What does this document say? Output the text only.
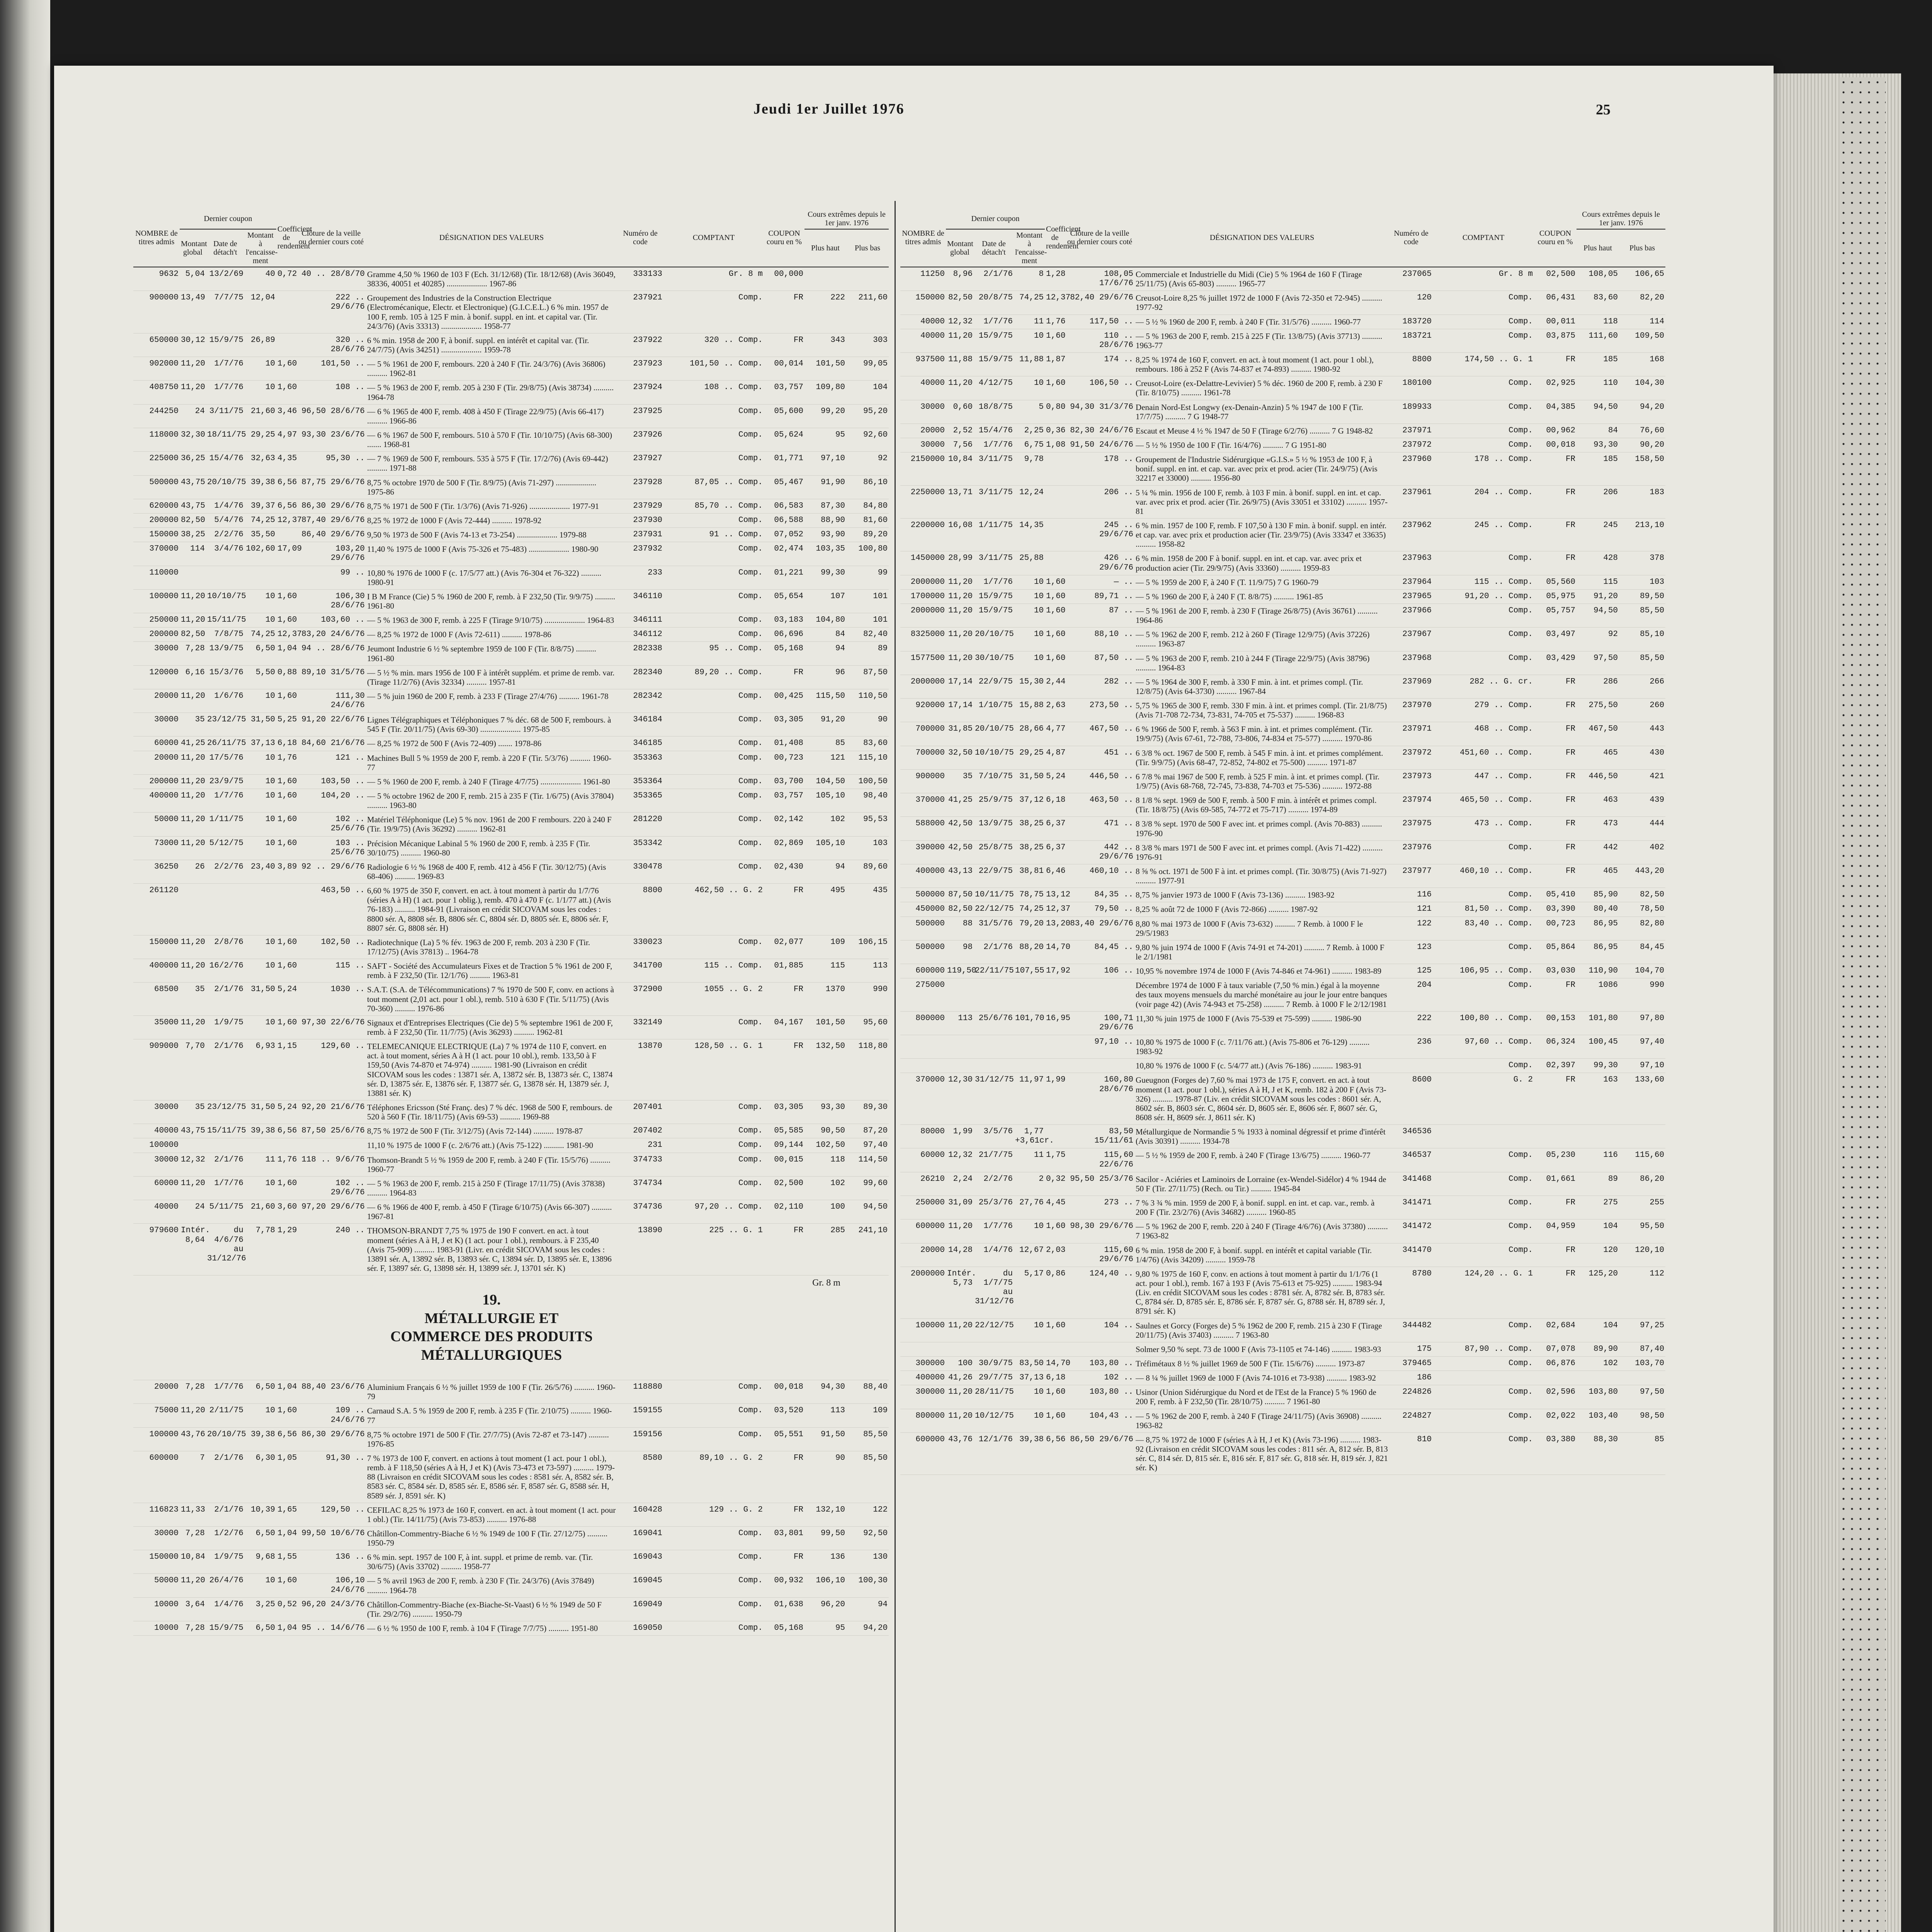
Jeudi 1er Juillet 1976	25
NOMBRE de titres admis	Dernier coupon			Coefficient de rendement	Clôture de la veille ou dernier cours coté	DÉSIGNATION DES VALEURS	Numéro de code	COMPTANT	COUPON couru en %	Cours extrêmes depuis le 1er janv. 1976	
	Montant global	Date de détach't	Montant à l'encaisse-ment							Plus haut	Plus bas
9632	5,04	13/2/69	40	0,72	40 .. 28/8/70	Gramme 4,50 % 1960 de 103 F (Ech. 31/12/68) (Tir. 18/12/68) (Avis 36049, 38336, 40051 et 40285) .................... 1967-86	333133	Gr. 8 m	00,000		
900000	13,49	7/7/75	12,04		222 .. 29/6/76	Groupement des Industries de la Construction Electrique (Electromécanique, Electr. et Electronique) (G.I.C.E.L.) 6 % min. 1957 de 100 F, remb. 105 à 125 F min. à bonif. suppl. en int. et capital var. (Tir. 24/3/76) (Avis 33313) .................... 1958-77	237921	Comp.	FR	222	211,60
650000	30,12	15/9/75	26,89		320 .. 28/6/76	6 % min. 1958 de 200 F, à bonif. suppl. en intérêt et capital var. (Tir. 24/7/75) (Avis 34251) .................... 1959-78	237922	320 .. Comp.	FR	343	303
902000	11,20	1/7/76	10	1,60	101,50 ..	— 5 % 1961 de 200 F, rembours. 220 à 240 F (Tir. 24/3/76) (Avis 36806) .......... 1962-81	237923	101,50 .. Comp.	00,014	101,50	99,05
408750	11,20	1/7/76	10	1,60	108 ..	— 5 % 1963 de 200 F, remb. 205 à 230 F (Tir. 29/8/75) (Avis 38734) .......... 1964-78	237924	108 .. Comp.	03,757	109,80	104
244250	24	3/11/75	21,60	3,46	96,50 28/6/76	— 6 % 1965 de 400 F, remb. 408 à 450 F (Tirage 22/9/75) (Avis 66-417) .......... 1966-86	237925	Comp.	05,600	99,20	95,20
118000	32,30	18/11/75	29,25	4,97	93,30 23/6/76	— 6 % 1967 de 500 F, rembours. 510 à 570 F (Tir. 10/10/75) (Avis 68-300) ....... 1968-81	237926	Comp.	05,624	95	92,60
225000	36,25	15/4/76	32,63	4,35	95,30 ..	— 7 % 1969 de 500 F, rembours. 535 à 575 F (Tir. 17/2/76) (Avis 69-442) .......... 1971-88	237927	Comp.	01,771	97,10	92
500000	43,75	20/10/75	39,38	6,56	87,75 29/6/76	8,75 % octobre 1970 de 500 F (Tir. 8/9/75) (Avis 71-297) .................... 1975-86	237928	87,05 .. Comp.	05,467	91,90	86,10
620000	43,75	1/4/76	39,37	6,56	86,30 29/6/76	8,75 % 1971 de 500 F (Tir. 1/3/76) (Avis 71-926) .................... 1977-91	237929	85,70 .. Comp.	06,583	87,30	84,80
200000	82,50	5/4/76	74,25	12,37	87,40 29/6/76	8,25 % 1972 de 1000 F (Avis 72-444) .......... 1978-92	237930	Comp.	06,588	88,90	81,60
150000	38,25	2/2/76	35,50		86,40 29/6/76	9,50 % 1973 de 500 F (Avis 74-13 et 73-254) .................... 1979-88	237931	91 .. Comp.	07,052	93,90	89,20
370000	114	3/4/76	102,60	17,09	103,20 29/6/76	11,40 % 1975 de 1000 F (Avis 75-326 et 75-483) .................... 1980-90	237932	Comp.	02,474	103,35	100,80
110000					99 ..	10,80 % 1976 de 1000 F (c. 17/5/77 att.) (Avis 76-304 et 76-322) .......... 1980-91	233	Comp.	01,221	99,30	99
100000	11,20	10/10/75	10	1,60	106,30 28/6/76	I B M France (Cie) 5 % 1960 de 200 F, remb. à F 232,50 (Tir. 9/9/75) .......... 1961-80	346110	Comp.	05,654	107	101
250000	11,20	15/11/75	10	1,60	103,60 ..	— 5 % 1963 de 300 F, remb. à 225 F (Tirage 9/10/75) .................... 1964-83	346111	Comp.	03,183	104,80	101
200000	82,50	7/8/75	74,25	12,37	83,20 24/6/76	— 8,25 % 1972 de 1000 F (Avis 72-611) .......... 1978-86	346112	Comp.	06,696	84	82,40
30000	7,28	13/9/75	6,50	1,04	94 .. 28/6/76	Jeumont Industrie 6 ½ % septembre 1959 de 100 F (Tir. 8/8/75) .......... 1961-80	282338	95 .. Comp.	05,168	94	89
120000	6,16	15/3/76	5,50	0,88	89,10 31/5/76	— 5 ½ % min. mars 1956 de 100 F à intérêt supplém. et prime de remb. var. (Tirage 11/2/76) (Avis 32334) .......... 1957-81	282340	89,20 .. Comp.	FR	96	87,50
20000	11,20	1/6/76	10	1,60	111,30 24/6/76	— 5 % juin 1960 de 200 F, remb. à 233 F (Tirage 27/4/76) .......... 1961-78	282342	Comp.	00,425	115,50	110,50
30000	35	23/12/75	31,50	5,25	91,20 22/6/76	Lignes Télégraphiques et Téléphoniques 7 % déc. 68 de 500 F, rembours. à 545 F (Tir. 20/11/75) (Avis 69-30) .................... 1975-85	346184	Comp.	03,305	91,20	90
60000	41,25	26/11/75	37,13	6,18	84,60 21/6/76	— 8,25 % 1972 de 500 F (Avis 72-409) ....... 1978-86	346185	Comp.	01,408	85	83,60
20000	11,20	17/5/76	10	1,76	121 ..	Machines Bull 5 % 1959 de 200 F, remb. à 220 F (Tir. 5/3/76) .......... 1960-77	353363	Comp.	00,723	121	115,10
200000	11,20	23/9/75	10	1,60	103,50 ..	— 5 % 1960 de 200 F, remb. à 240 F (Tirage 4/7/75) .................... 1961-80	353364	Comp.	03,700	104,50	100,50
400000	11,20	1/7/76	10	1,60	104,20 ..	— 5 % octobre 1962 de 200 F, remb. 215 à 235 F (Tir. 1/6/75) (Avis 37804) .......... 1963-80	353365	Comp.	03,757	105,10	98,40
50000	11,20	1/11/75	10	1,60	102 .. 25/6/76	Matériel Téléphonique (Le) 5 % nov. 1961 de 200 F rembours. 220 à 240 F (Tir. 19/9/75) (Avis 36292) .......... 1962-81	281220	Comp.	02,142	102	95,53
73000	11,20	5/12/75	10	1,60	103 .. 25/6/76	Précision Mécanique Labinal 5 % 1960 de 200 F, remb. à 235 F (Tir. 30/10/75) .......... 1960-80	353342	Comp.	02,869	105,10	103
36250	26	2/2/76	23,40	3,89	92 .. 29/6/76	Radiologie 6 ½ % 1968 de 400 F, remb. 412 à 456 F (Tir. 30/12/75) (Avis 68-406) .......... 1969-83	330478	Comp.	02,430	94	89,60
261120					463,50 ..	6,60 % 1975 de 350 F, convert. en act. à tout moment à partir du 1/7/76 (séries A à H) (1 act. pour 1 oblig.), remb. 470 à 470 F (c. 1/1/77 att.) (Avis 76-183) .......... 1984-91 (Livraison en crédit SICOVAM sous les codes : 8800 sér. A, 8808 sér. B, 8806 sér. C, 8804 sér. D, 8805 sér. E, 8806 sér. F, 8807 sér. G, 8808 sér. H)	8800	462,50 .. G. 2	FR	495	435
150000	11,20	2/8/76	10	1,60	102,50 ..	Radiotechnique (La) 5 % fév. 1963 de 200 F, remb. 203 à 230 F (Tir. 17/12/75) (Avis 37813) .. 1964-78	330023	Comp.	02,077	109	106,15
400000	11,20	16/2/76	10	1,60	115 ..	SAFT - Société des Accumulateurs Fixes et de Traction 5 % 1961 de 200 F, remb. à F 232,50 (Tir. 12/1/76) .......... 1963-81	341700	115 .. Comp.	01,885	115	113
68500	35	2/1/76	31,50	5,24	1030 ..	S.A.T. (S.A. de Télécommunications) 7 % 1970 de 500 F, conv. en actions à tout moment (2,01 act. pour 1 obl.), remb. 510 à 630 F (Tir. 5/11/75) (Avis 70-360) .......... 1976-86	372900	1055 .. G. 2	FR	1370	990
35000	11,20	1/9/75	10	1,60	97,30 22/6/76	Signaux et d'Entreprises Electriques (Cie de) 5 % septembre 1961 de 200 F, remb. à F 232,50 (Tir. 11/7/75) (Avis 36293) .......... 1962-81	332149	Comp.	04,167	101,50	95,60
909000	7,70	2/1/76	6,93	1,15	129,60 ..	TELEMECANIQUE ELECTRIQUE (La) 7 % 1974 de 110 F, convert. en act. à tout moment, séries A à H (1 act. pour 10 obl.), remb. 133,50 à F 159,50 (Avis 74-870 et 74-974) .......... 1981-90 (Livraison en crédit SICOVAM sous les codes : 13871 sér. A, 13872 sér. B, 13873 sér. C, 13874 sér. D, 13875 sér. E, 13876 sér. F, 13877 sér. G, 13878 sér. H, 13879 sér. J, 13881 sér. K)	13870	128,50 .. G. 1	FR	132,50	118,80
30000	35	23/12/75	31,50	5,24	92,20 21/6/76	Téléphones Ericsson (Sté Franç. des) 7 % déc. 1968 de 500 F, rembours. de 520 à 560 F (Tir. 18/11/75) (Avis 69-53) .......... 1969-88	207401	Comp.	03,305	93,30	89,30
40000	43,75	15/11/75	39,38	6,56	87,50 25/6/76	8,75 % 1972 de 500 F (Tir. 3/12/75) (Avis 72-144) .......... 1978-87	207402	Comp.	05,585	90,50	87,20
100000						11,10 % 1975 de 1000 F (c. 2/6/76 att.) (Avis 75-122) .......... 1981-90	231	Comp.	09,144	102,50	97,40
30000	12,32	2/1/76	11	1,76	118 .. 9/6/76	Thomson-Brandt 5 ½ % 1959 de 200 F, remb. à 240 F (Tir. 15/5/76) .......... 1960-77	374733	Comp.	00,015	118	114,50
60000	11,20	1/7/76	10	1,60	102 .. 29/6/76	— 5 % 1963 de 200 F, remb. 215 à 250 F (Tirage 17/11/75) (Avis 37838) .......... 1964-83	374734	Comp.	02,500	102	99,60
40000	24	5/11/75	21,60	3,60	97,20 29/6/76	— 6 % 1966 de 400 F, remb. à 450 F (Tirage 6/10/75) (Avis 66-307) .......... 1967-81	374736	97,20 .. Comp.	02,110	100	94,50
979600	Intér. 8,64	du 4/6/76 au 31/12/76	7,78	1,29	240 ..	THOMSON-BRANDT 7,75 % 1975 de 190 F convert. en act. à tout moment (séries A à H, J et K) (1 act. pour 1 obl.), rembours. à F 235,40 (Avis 75-909) .......... 1983-91 (Livr. en crédit SICOVAM sous les codes : 13891 sér. A, 13892 sér. B, 13893 sér. C, 13894 sér. D, 13895 sér. E, 13896 sér. F, 13897 sér. G, 13898 sér. H, 13899 sér. J, 13701 sér. K)	13890	225 .. G. 1	FR	285	241,10

						19.
MÉTALLURGIE ET
COMMERCE DES PRODUITS
MÉTALLURGIQUES			Gr. 8 m		
20000	7,28	1/7/76	6,50	1,04	88,40 23/6/76	Aluminium Français 6 ½ % juillet 1959 de 100 F (Tir. 26/5/76) .......... 1960-79	118880	Comp.	00,018	94,30	88,40
75000	11,20	2/11/75	10	1,60	109 .. 24/6/76	Carnaud S.A. 5 % 1959 de 200 F, remb. à 235 F (Tir. 2/10/75) .......... 1960-77	159155	Comp.	03,520	113	109
100000	43,76	20/10/75	39,38	6,56	86,30 29/6/76	8,75 % octobre 1971 de 500 F (Tir. 27/7/75) (Avis 72-87 et 73-147) .......... 1976-85	159156	Comp.	05,551	91,50	85,50
600000	7	2/1/76	6,30	1,05	91,30 ..	7 % 1973 de 100 F, convert. en actions à tout moment (1 act. pour 1 obl.), remb. à F 118,50 (séries A à H, J et K) (Avis 73-473 et 73-597) .......... 1979-88 (Livraison en crédit SICOVAM sous les codes : 8581 sér. A, 8582 sér. B, 8583 sér. C, 8584 sér. D, 8585 sér. E, 8586 sér. F, 8587 sér. G, 8588 sér. H, 8589 sér. J, 8591 sér. K)	8580	89,10 .. G. 2	FR	90	85,50
116823	11,33	2/1/76	10,39	1,65	129,50 ..	CEFILAC 8,25 % 1973 de 160 F, convert. en act. à tout moment (1 act. pour 1 obl.) (Tir. 14/11/75) (Avis 73-853) .......... 1976-88	160428	129 .. G. 2	FR	132,10	122
30000	7,28	1/2/76	6,50	1,04	99,50 10/6/76	Châtillon-Commentry-Biache 6 ½ % 1949 de 100 F (Tir. 27/12/75) .......... 1950-79	169041	Comp.	03,801	99,50	92,50
150000	10,84	1/9/75	9,68	1,55	136 ..	6 % min. sept. 1957 de 100 F, à int. suppl. et prime de remb. var. (Tir. 30/6/75) (Avis 33702) .......... 1958-77	169043	Comp.	FR	136	130
50000	11,20	26/4/76	10	1,60	106,10 24/6/76	— 5 % avril 1963 de 200 F, remb. à 230 F (Tir. 24/3/76) (Avis 37849) .......... 1964-78	169045	Comp.	00,932	106,10	100,30
10000	3,64	1/4/76	3,25	0,52	96,20 24/3/76	Châtillon-Commentry-Biache (ex-Biache-St-Vaast) 6 ½ % 1949 de 50 F (Tir. 29/2/76) .......... 1950-79	169049	Comp.	01,638	96,20	94
10000	7,28	15/9/75	6,50	1,04	95 .. 14/6/76	— 6 ½ % 1950 de 100 F, remb. à 104 F (Tirage 7/7/75) .......... 1951-80	169050	Comp.	05,168	95	94,20
NOMBRE de titres admis	Dernier coupon			Coefficient de rendement	Clôture de la veille ou dernier cours coté	DÉSIGNATION DES VALEURS	Numéro de code	COMPTANT	COUPON couru en %	Cours extrêmes depuis le 1er janv. 1976	
	Montant global	Date de détach't	Montant à l'encaisse-ment							Plus haut	Plus bas
11250	8,96	2/1/76	8	1,28	108,05 17/6/76	Commerciale et Industrielle du Midi (Cie) 5 % 1964 de 160 F (Tirage 25/11/75) (Avis 65-803) .......... 1965-77	237065	Gr. 8 m	02,500	108,05	106,65
150000	82,50	20/8/75	74,25	12,37	82,40 29/6/76	Creusot-Loire 8,25 % juillet 1972 de 1000 F (Avis 72-350 et 72-945) .......... 1977-92	120	Comp.	06,431	83,60	82,20
40000	12,32	1/7/76	11	1,76	117,50 ..	— 5 ½ % 1960 de 200 F, remb. à 240 F (Tir. 31/5/76) .......... 1960-77	183720	Comp.	00,011	118	114
40000	11,20	15/9/75	10	1,60	110 .. 28/6/76	— 5 % 1963 de 200 F, remb. 215 à 225 F (Tir. 13/8/75) (Avis 37713) .......... 1963-77	183721	Comp.	03,875	111,60	109,50
937500	11,88	15/9/75	11,88	1,87	174 ..	8,25 % 1974 de 160 F, convert. en act. à tout moment (1 act. pour 1 obl.), rembours. 186 à 252 F (Avis 74-837 et 74-893) .......... 1980-92	8800	174,50 .. G. 1	FR	185	168
40000	11,20	4/12/75	10	1,60	106,50 ..	Creusot-Loire (ex-Delattre-Levivier) 5 % déc. 1960 de 200 F, remb. à 230 F (Tir. 8/10/75) .......... 1961-78	180100	Comp.	02,925	110	104,30
30000	0,60	18/8/75	5	0,80	94,30 31/3/76	Denain Nord-Est Longwy (ex-Denain-Anzin) 5 % 1947 de 100 F (Tir. 17/7/75) .......... 7 G 1948-77	189933	Comp.	04,385	94,50	94,20
20000	2,52	15/4/76	2,25	0,36	82,30 24/6/76	Escaut et Meuse 4 ½ % 1947 de 50 F (Tirage 6/2/76) .......... 7 G 1948-82	237971	Comp.	00,962	84	76,60
30000	7,56	1/7/76	6,75	1,08	91,50 24/6/76	— 5 ½ % 1950 de 100 F (Tir. 16/4/76) .......... 7 G 1951-80	237972	Comp.	00,018	93,30	90,20
2150000	10,84	3/11/75	9,78		178 ..	Groupement de l'Industrie Sidérurgique «G.I.S.» 5 ½ % 1953 de 100 F, à bonif. suppl. en int. et cap. var. avec prix et prod. acier (Tir. 24/9/75) (Avis 32217 et 33000) .......... 1956-80	237960	178 .. Comp.	FR	185	158,50
2250000	13,71	3/11/75	12,24		206 ..	5 ¼ % min. 1956 de 100 F, remb. à 103 F min. à bonif. suppl. en int. et cap. var. avec prix et prod. acier (Tir. 26/9/75) (Avis 33051 et 33102) .......... 1957-81	237961	204 .. Comp.	FR	206	183
2200000	16,08	1/11/75	14,35		245 .. 29/6/76	6 % min. 1957 de 100 F, remb. F 107,50 à 130 F min. à bonif. suppl. en intér. et cap. var. avec prix et production acier (Tir. 23/9/75) (Avis 33347 et 33635) .......... 1958-82	237962	245 .. Comp.	FR	245	213,10
1450000	28,99	3/11/75	25,88		426 .. 29/6/76	6 % min. 1958 de 200 F à bonif. suppl. en int. et cap. var. avec prix et production acier (Tir. 29/9/75) (Avis 33360) .......... 1959-83	237963	Comp.	FR	428	378
2000000	11,20	1/7/76	10	1,60	— ..	— 5 % 1959 de 200 F, à 240 F (T. 11/9/75) 7 G 1960-79	237964	115 .. Comp.	05,560	115	103
1700000	11,20	15/9/75	10	1,60	89,71 ..	— 5 % 1960 de 200 F, à 240 F (T. 8/8/75) .......... 1961-85	237965	91,20 .. Comp.	05,975	91,20	89,50
2000000	11,20	15/9/75	10	1,60	87 ..	— 5 % 1961 de 200 F, remb. à 230 F (Tirage 26/8/75) (Avis 36761) .......... 1964-86	237966	Comp.	05,757	94,50	85,50
8325000	11,20	20/10/75	10	1,60	88,10 ..	— 5 % 1962 de 200 F, remb. 212 à 260 F (Tirage 12/9/75) (Avis 37226) .......... 1963-87	237967	Comp.	03,497	92	85,10
1577500	11,20	30/10/75	10	1,60	87,50 ..	— 5 % 1963 de 200 F, remb. 210 à 244 F (Tirage 22/9/75) (Avis 38796) .......... 1964-83	237968	Comp.	03,429	97,50	85,50
2000000	17,14	22/9/75	15,30	2,44	282 ..	— 5 % 1964 de 300 F, remb. à 330 F min. à int. et primes compl. (Tir. 12/8/75) (Avis 64-3730) .......... 1967-84	237969	282 .. G. cr.	FR	286	266
920000	17,14	1/10/75	15,88	2,63	273,50 ..	5,75 % 1965 de 300 F, remb. 330 F min. à int. et primes compl. (Tir. 21/8/75) (Avis 71-708 72-734, 73-831, 74-705 et 75-537) .......... 1968-83	237970	279 .. Comp.	FR	275,50	260
700000	31,85	20/10/75	28,66	4,77	467,50 ..	6 % 1966 de 500 F, remb. à 563 F min. à int. et primes complément. (Tir. 19/9/75) (Avis 67-61, 72-788, 73-806, 74-834 et 75-577) .......... 1970-86	237971	468 .. Comp.	FR	467,50	443
700000	32,50	10/10/75	29,25	4,87	451 ..	6 3/8 % oct. 1967 de 500 F, remb. à 545 F min. à int. et primes complément. (Tir. 9/9/75) (Avis 68-47, 72-852, 74-802 et 75-500) .......... 1971-87	237972	451,60 .. Comp.	FR	465	430
900000	35	7/10/75	31,50	5,24	446,50 ..	6 7/8 % mai 1967 de 500 F, remb. à 525 F min. à int. et primes compl. (Tir. 1/9/75) (Avis 68-768, 72-745, 73-838, 74-703 et 75-536) .......... 1972-88	237973	447 .. Comp.	FR	446,50	421
370000	41,25	25/9/75	37,12	6,18	463,50 ..	8 1/8 % sept. 1969 de 500 F, remb. à 500 F min. à intérêt et primes compl. (Tir. 18/8/75) (Avis 69-585, 74-772 et 75-717) .......... 1974-89	237974	465,50 .. Comp.	FR	463	439
588000	42,50	13/9/75	38,25	6,37	471 ..	8 3/8 % sept. 1970 de 500 F avec int. et primes compl. (Avis 70-883) .......... 1976-90	237975	473 .. Comp.	FR	473	444
390000	42,50	25/8/75	38,25	6,37	442 .. 29/6/76	8 3/8 % mars 1971 de 500 F avec int. et primes compl. (Avis 71-422) .......... 1976-91	237976	Comp.	FR	442	402
400000	43,13	22/9/75	38,81	6,46	460,10 ..	8 ⅝ % oct. 1971 de 500 F à int. et primes compl. (Tir. 30/8/75) (Avis 71-927) .......... 1977-91	237977	460,10 .. Comp.	FR	465	443,20
500000	87,50	10/11/75	78,75	13,12	84,35 ..	8,75 % janvier 1973 de 1000 F (Avis 73-136) .......... 1983-92	116	Comp.	05,410	85,90	82,50
450000	82,50	22/12/75	74,25	12,37	79,50 ..	8,25 % août 72 de 1000 F (Avis 72-866) .......... 1987-92	121	81,50 .. Comp.	03,390	80,40	78,50
500000	88	31/5/76	79,20	13,20	83,40 29/6/76	8,80 % mai 1973 de 1000 F (Avis 73-632) .......... 7 Remb. à 1000 F le 29/5/1983	122	83,40 .. Comp.	00,723	86,95	82,80
500000	98	2/1/76	88,20	14,70	84,45 ..	9,80 % juin 1974 de 1000 F (Avis 74-91 et 74-201) .......... 7 Remb. à 1000 F le 2/1/1981	123	Comp.	05,864	86,95	84,45
600000	119,50	22/11/75	107,55	17,92	106 ..	10,95 % novembre 1974 de 1000 F (Avis 74-846 et 74-961) .......... 1983-89	125	106,95 .. Comp.	03,030	110,90	104,70
275000						Décembre 1974 de 1000 F à taux variable (7,50 % min.) égal à la moyenne des taux moyens mensuels du marché monétaire au jour le jour entre banques (voir page 42) (Avis 74-943 et 75-258) .......... 7 Remb. à 1000 F le 2/12/1981	204	Comp.	FR	1086	990
800000	113	25/6/76	101,70	16,95	100,71 29/6/76	11,30 % juin 1975 de 1000 F (Avis 75-539 et 75-599) .......... 1986-90	222	100,80 .. Comp.	00,153	101,80	97,80
					97,10 ..	10,80 % 1975 de 1000 F (c. 7/11/76 att.) (Avis 75-806 et 76-129) .......... 1983-92	236	97,60 .. Comp.	06,324	100,45	97,40
						10,80 % 1976 de 1000 F (c. 5/4/77 att.) (Avis 76-186) .......... 1983-91		Comp.	02,397	99,30	97,10
370000	12,30	31/12/75	11,97	1,99	160,80 28/6/76	Gueugnon (Forges de) 7,60 % mai 1973 de 175 F, convert. en act. à tout moment (1 act. pour 1 obl.), séries A à H, J et K, remb. 182 à 200 F (Avis 73-326) .......... 1978-87 (Liv. en crédit SICOVAM sous les codes : 8601 sér. A, 8602 sér. B, 8603 sér. C, 8604 sér. D, 8605 sér. E, 8606 sér. F, 8607 sér. G, 8608 sér. H, 8609 sér. J, 8611 sér. K)	8600	G. 2	FR	163	133,60
80000	1,99	3/5/76	1,77 +3,61cr.		83,50 15/11/61	Métallurgique de Normandie 5 % 1933 à nominal dégressif et prime d'intérêt (Avis 30391) .......... 1934-78	346536				
60000	12,32	21/7/75	11	1,75	115,60 22/6/76	— 5 ½ % 1959 de 200 F, remb. à 240 F (Tirage 13/6/75) .......... 1960-77	346537	Comp.	05,230	116	115,60
26210	2,24	2/2/76	2	0,32	95,50 25/3/76	Sacilor - Aciéries et Laminoirs de Lorraine (ex-Wendel-Sidélor) 4 % 1944 de 50 F (Tir. 27/11/75) (Rech. ou Tir.) .......... 1945-84	341468	Comp.	01,661	89	86,20
250000	31,09	25/3/76	27,76	4,45	273 ..	7 % 3 ¾ % min. 1959 de 200 F, à bonif. suppl. en int. et cap. var., remb. à 200 F (Tir. 23/2/76) (Avis 34682) .......... 1960-85	341471	Comp.	FR	275	255
600000	11,20	1/7/76	10	1,60	98,30 29/6/76	— 5 % 1962 de 200 F, remb. 220 à 240 F (Tirage 4/6/76) (Avis 37380) .......... 7 1963-82	341472	Comp.	04,959	104	95,50
20000	14,28	1/4/76	12,67	2,03	115,60 29/6/76	6 % min. 1958 de 200 F, à bonif. suppl. en intérêt et capital variable (Tir. 1/4/76) (Avis 34209) .......... 1959-78	341470	Comp.	FR	120	120,10
2000000	Intér. 5,73	du 1/7/75 au 31/12/76	5,17	0,86	124,40 ..	9,80 % 1975 de 160 F, conv. en actions à tout moment à partir du 1/1/76 (1 act. pour 1 obl.), remb. 167 à 193 F (Avis 75-613 et 75-925) .......... 1983-94 (Liv. en crédit SICOVAM sous les codes : 8781 sér. A, 8782 sér. B, 8783 sér. C, 8784 sér. D, 8785 sér. E, 8786 sér. F, 8787 sér. G, 8788 sér. H, 8789 sér. J, 8791 sér. K)	8780	124,20 .. G. 1	FR	125,20	112
100000	11,20	22/12/75	10	1,60	104 ..	Saulnes et Gorcy (Forges de) 5 % 1962 de 200 F, remb. 215 à 230 F (Tirage 20/11/75) (Avis 37403) .......... 7 1963-80	344482	Comp.	02,684	104	97,25
						Solmer 9,50 % sept. 73 de 1000 F (Avis 73-1105 et 74-146) .......... 1983-93	175	87,90 .. Comp.	07,078	89,90	87,40
300000	100	30/9/75	83,50	14,70	103,80 ..	Tréfimétaux 8 ½ % juillet 1969 de 500 F (Tir. 15/6/76) .......... 1973-87	379465	Comp.	06,876	102	103,70
400000	41,26	29/7/75	37,13	6,18	102 ..	— 8 ¼ % juillet 1969 de 1000 F (Avis 74-1016 et 73-938) .......... 1983-92	186				
300000	11,20	28/11/75	10	1,60	103,80 ..	Usinor (Union Sidérurgique du Nord et de l'Est de la France) 5 % 1960 de 200 F, remb. à F 232,50 (Tir. 28/10/75) .......... 7 1961-80	224826	Comp.	02,596	103,80	97,50
800000	11,20	10/12/75	10	1,60	104,43 ..	— 5 % 1962 de 200 F, remb. à 240 F (Tirage 24/11/75) (Avis 36908) .......... 1963-82	224827	Comp.	02,022	103,40	98,50
600000	43,76	12/1/76	39,38	6,56	86,50 29/6/76	— 8,75 % 1972 de 1000 F (séries A à H, J et K) (Avis 73-196) .......... 1983-92 (Livraison en crédit SICOVAM sous les codes : 811 sér. A, 812 sér. B, 813 sér. C, 814 sér. D, 815 sér. E, 816 sér. F, 817 sér. G, 818 sér. H, 819 sér. J, 821 sér. K)	810	Comp.	03,380	88,30	85
